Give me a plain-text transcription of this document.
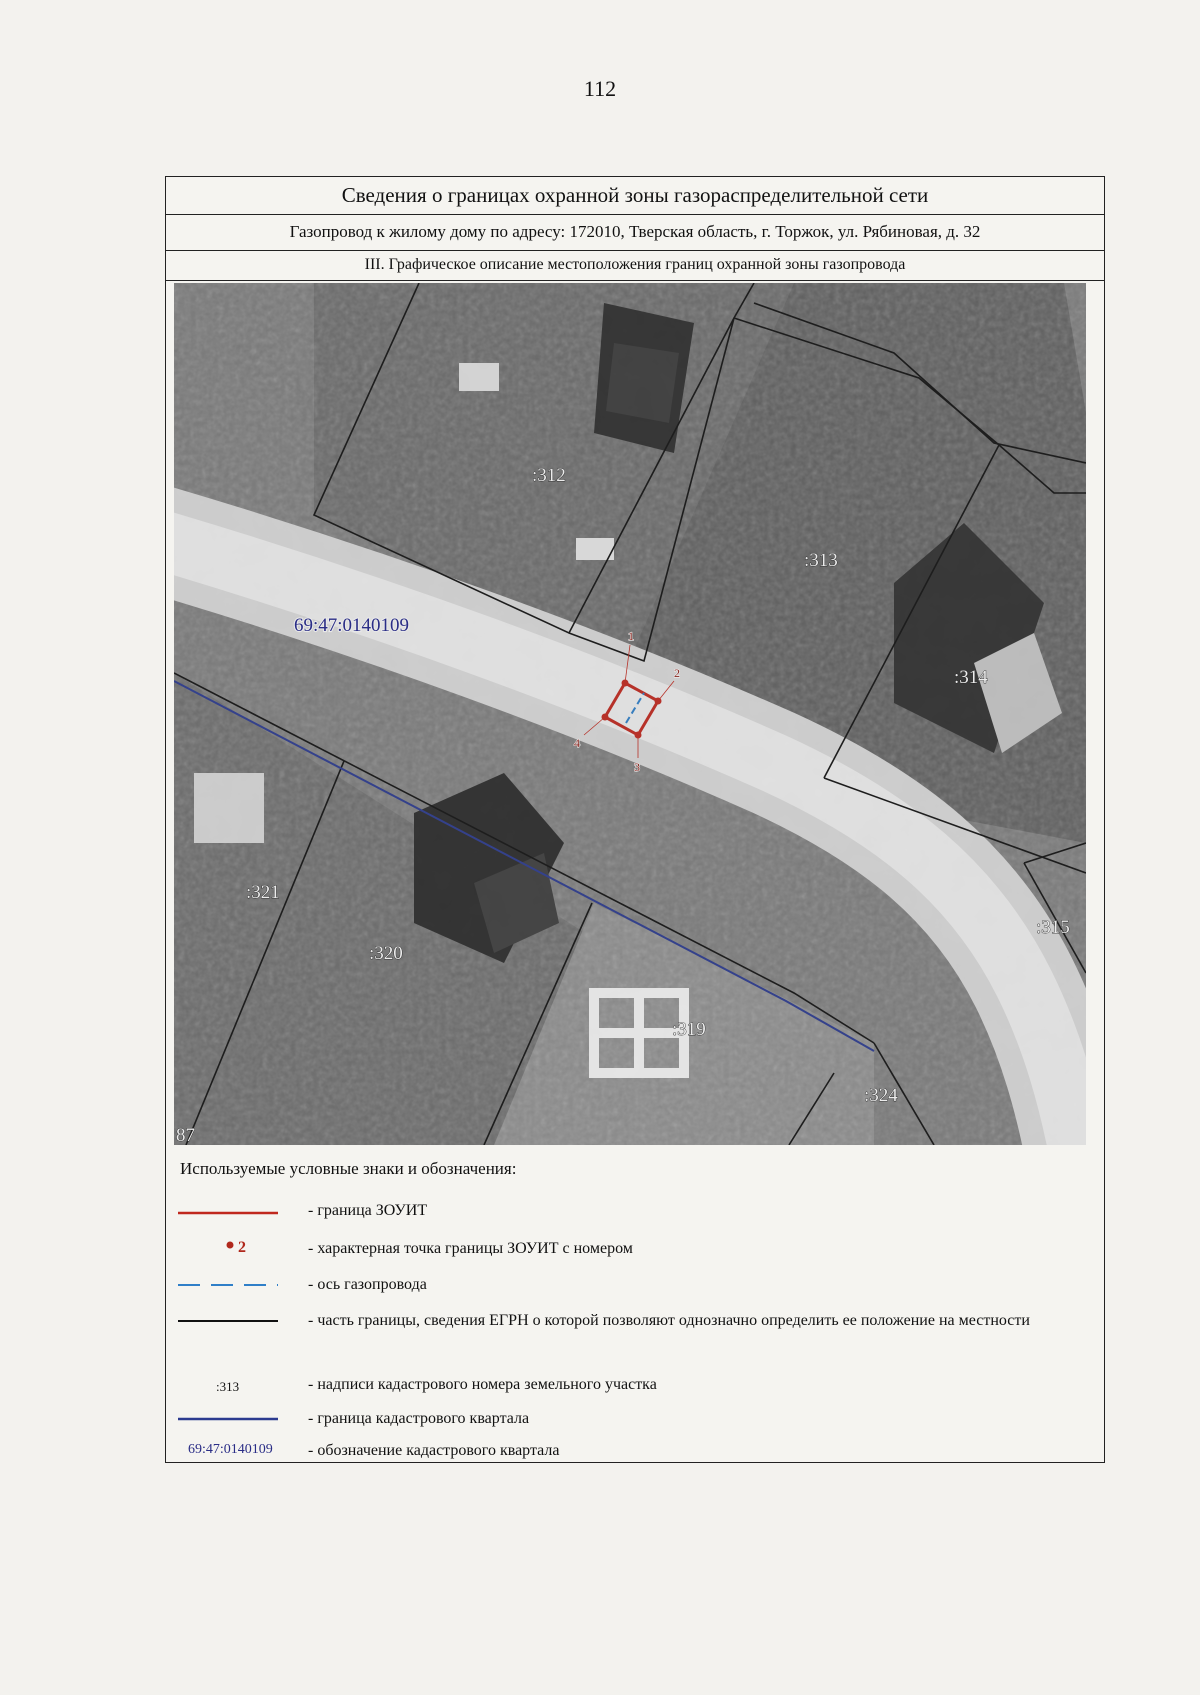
112
Сведения о границах охранной зоны газораспределительной сети
Газопровод к жилому дому по адресу: 172010, Тверская область, г. Торжок, ул. Рябиновая, д. 32
III. Графическое описание местоположения границ охранной зоны газопровода
1
2
3
4
69:47:0140109
:312
:313
:314
:315
:319
:320
:321
:324
87
Используемые условные знаки и обозначения:
- граница ЗОУИТ
2	- характерная точка границы ЗОУИТ с номером
- ось газопровода
- часть границы, сведения ЕГРН о которой позволяют однозначно определить ее положение на местности
:313	- надписи кадастрового номера земельного участка
- граница кадастрового квартала
69:47:0140109 - обозначение кадастрового квартала
